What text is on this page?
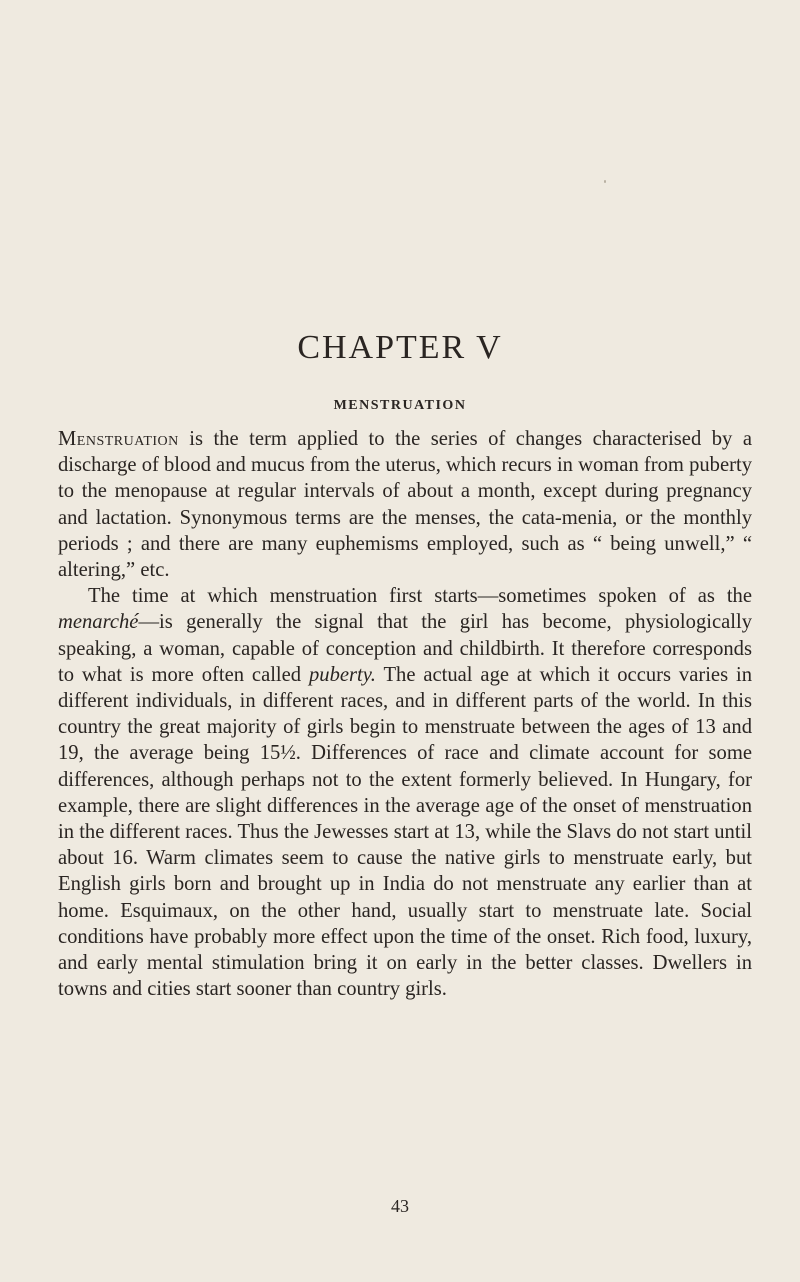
CHAPTER V
MENSTRUATION

Menstruation is the term applied to the series of changes characterised by a discharge of blood and mucus from the uterus, which recurs in woman from puberty to the menopause at regular intervals of about a month, except during pregnancy and lactation. Synonymous terms are the menses, the cata-menia, or the monthly periods ; and there are many euphemisms employed, such as “ being unwell,” “ altering,” etc.

The time at which menstruation first starts—sometimes spoken of as the menarché—is generally the signal that the girl has become, physiologically speaking, a woman, capable of conception and childbirth. It therefore corresponds to what is more often called puberty. The actual age at which it occurs varies in different individuals, in different races, and in different parts of the world. In this country the great majority of girls begin to menstruate between the ages of 13 and 19, the average being 15½. Differences of race and climate account for some differences, although perhaps not to the extent formerly believed. In Hungary, for example, there are slight differences in the average age of the onset of menstruation in the different races. Thus the Jewesses start at 13, while the Slavs do not start until about 16. Warm climates seem to cause the native girls to menstruate early, but English girls born and brought up in India do not menstruate any earlier than at home. Esquimaux, on the other hand, usually start to menstruate late. Social conditions have probably more effect upon the time of the onset. Rich food, luxury, and early mental stimulation bring it on early in the better classes. Dwellers in towns and cities start sooner than country girls.

43
